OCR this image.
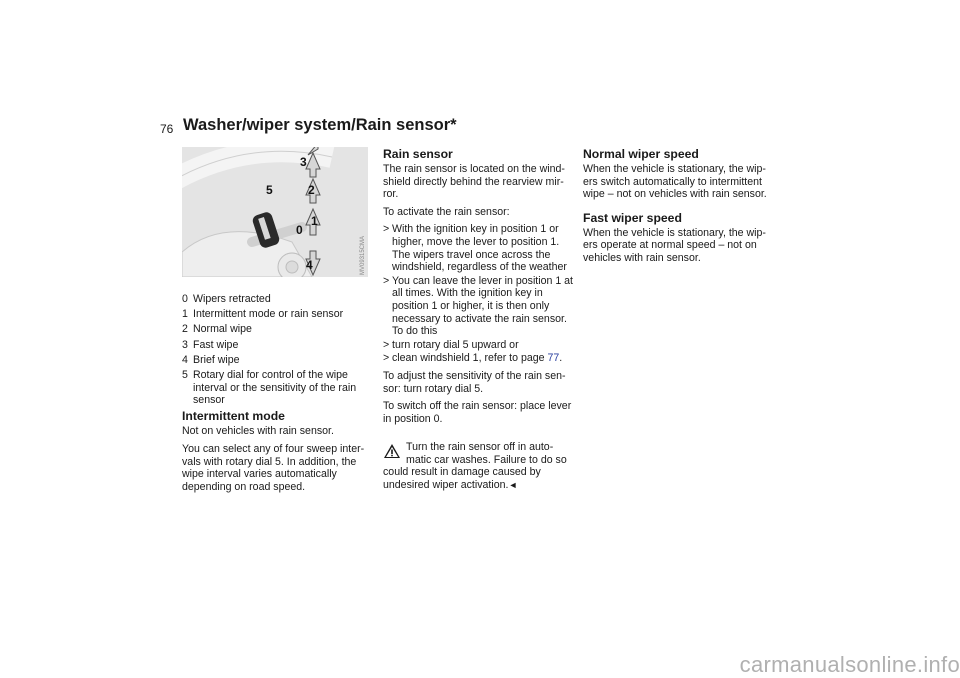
76 Washer/wiper system/Rain sensor*
5
3
2
1
0
4	MV09315CMA
0 Wipers retracted
1 Intermittent mode or rain sensor
2 Normal wipe
3 Fast wipe
4 Brief wipe
5 Rotary dial for control of the wipe interval or the sensitivity of the rain sensor
Intermittent mode

Not on vehicles with rain sensor.

You can select any of four sweep inter-vals with rotary dial 5. In addition, the wipe interval varies automatically depending on road speed.

Rain sensor

The rain sensor is located on the wind-shield directly behind the rearview mir-ror.

To activate the rain sensor:

> With the ignition key in position 1 or higher, move the lever to position 1. The wipers travel once across the windshield, regardless of the weather
> You can leave the lever in position 1 at all times. With the ignition key in position 1 or higher, it is then only necessary to activate the rain sensor. To do this
> turn rotary dial 5 upward or
> clean windshield 1, refer to page 77.

To adjust the sensitivity of the rain sen-sor: turn rotary dial 5.

To switch off the rain sensor: place lever in position 0.

Turn the rain sensor off in auto-
matic car washes. Failure to do so
could result in damage caused by undesired wiper activation.◄
Normal wiper speed

When the vehicle is stationary, the wip-ers switch automatically to intermittent wipe – not on vehicles with rain sensor.

Fast wiper speed

When the vehicle is stationary, the wip-ers operate at normal speed – not on vehicles with rain sensor.

carmanualsonline.info
